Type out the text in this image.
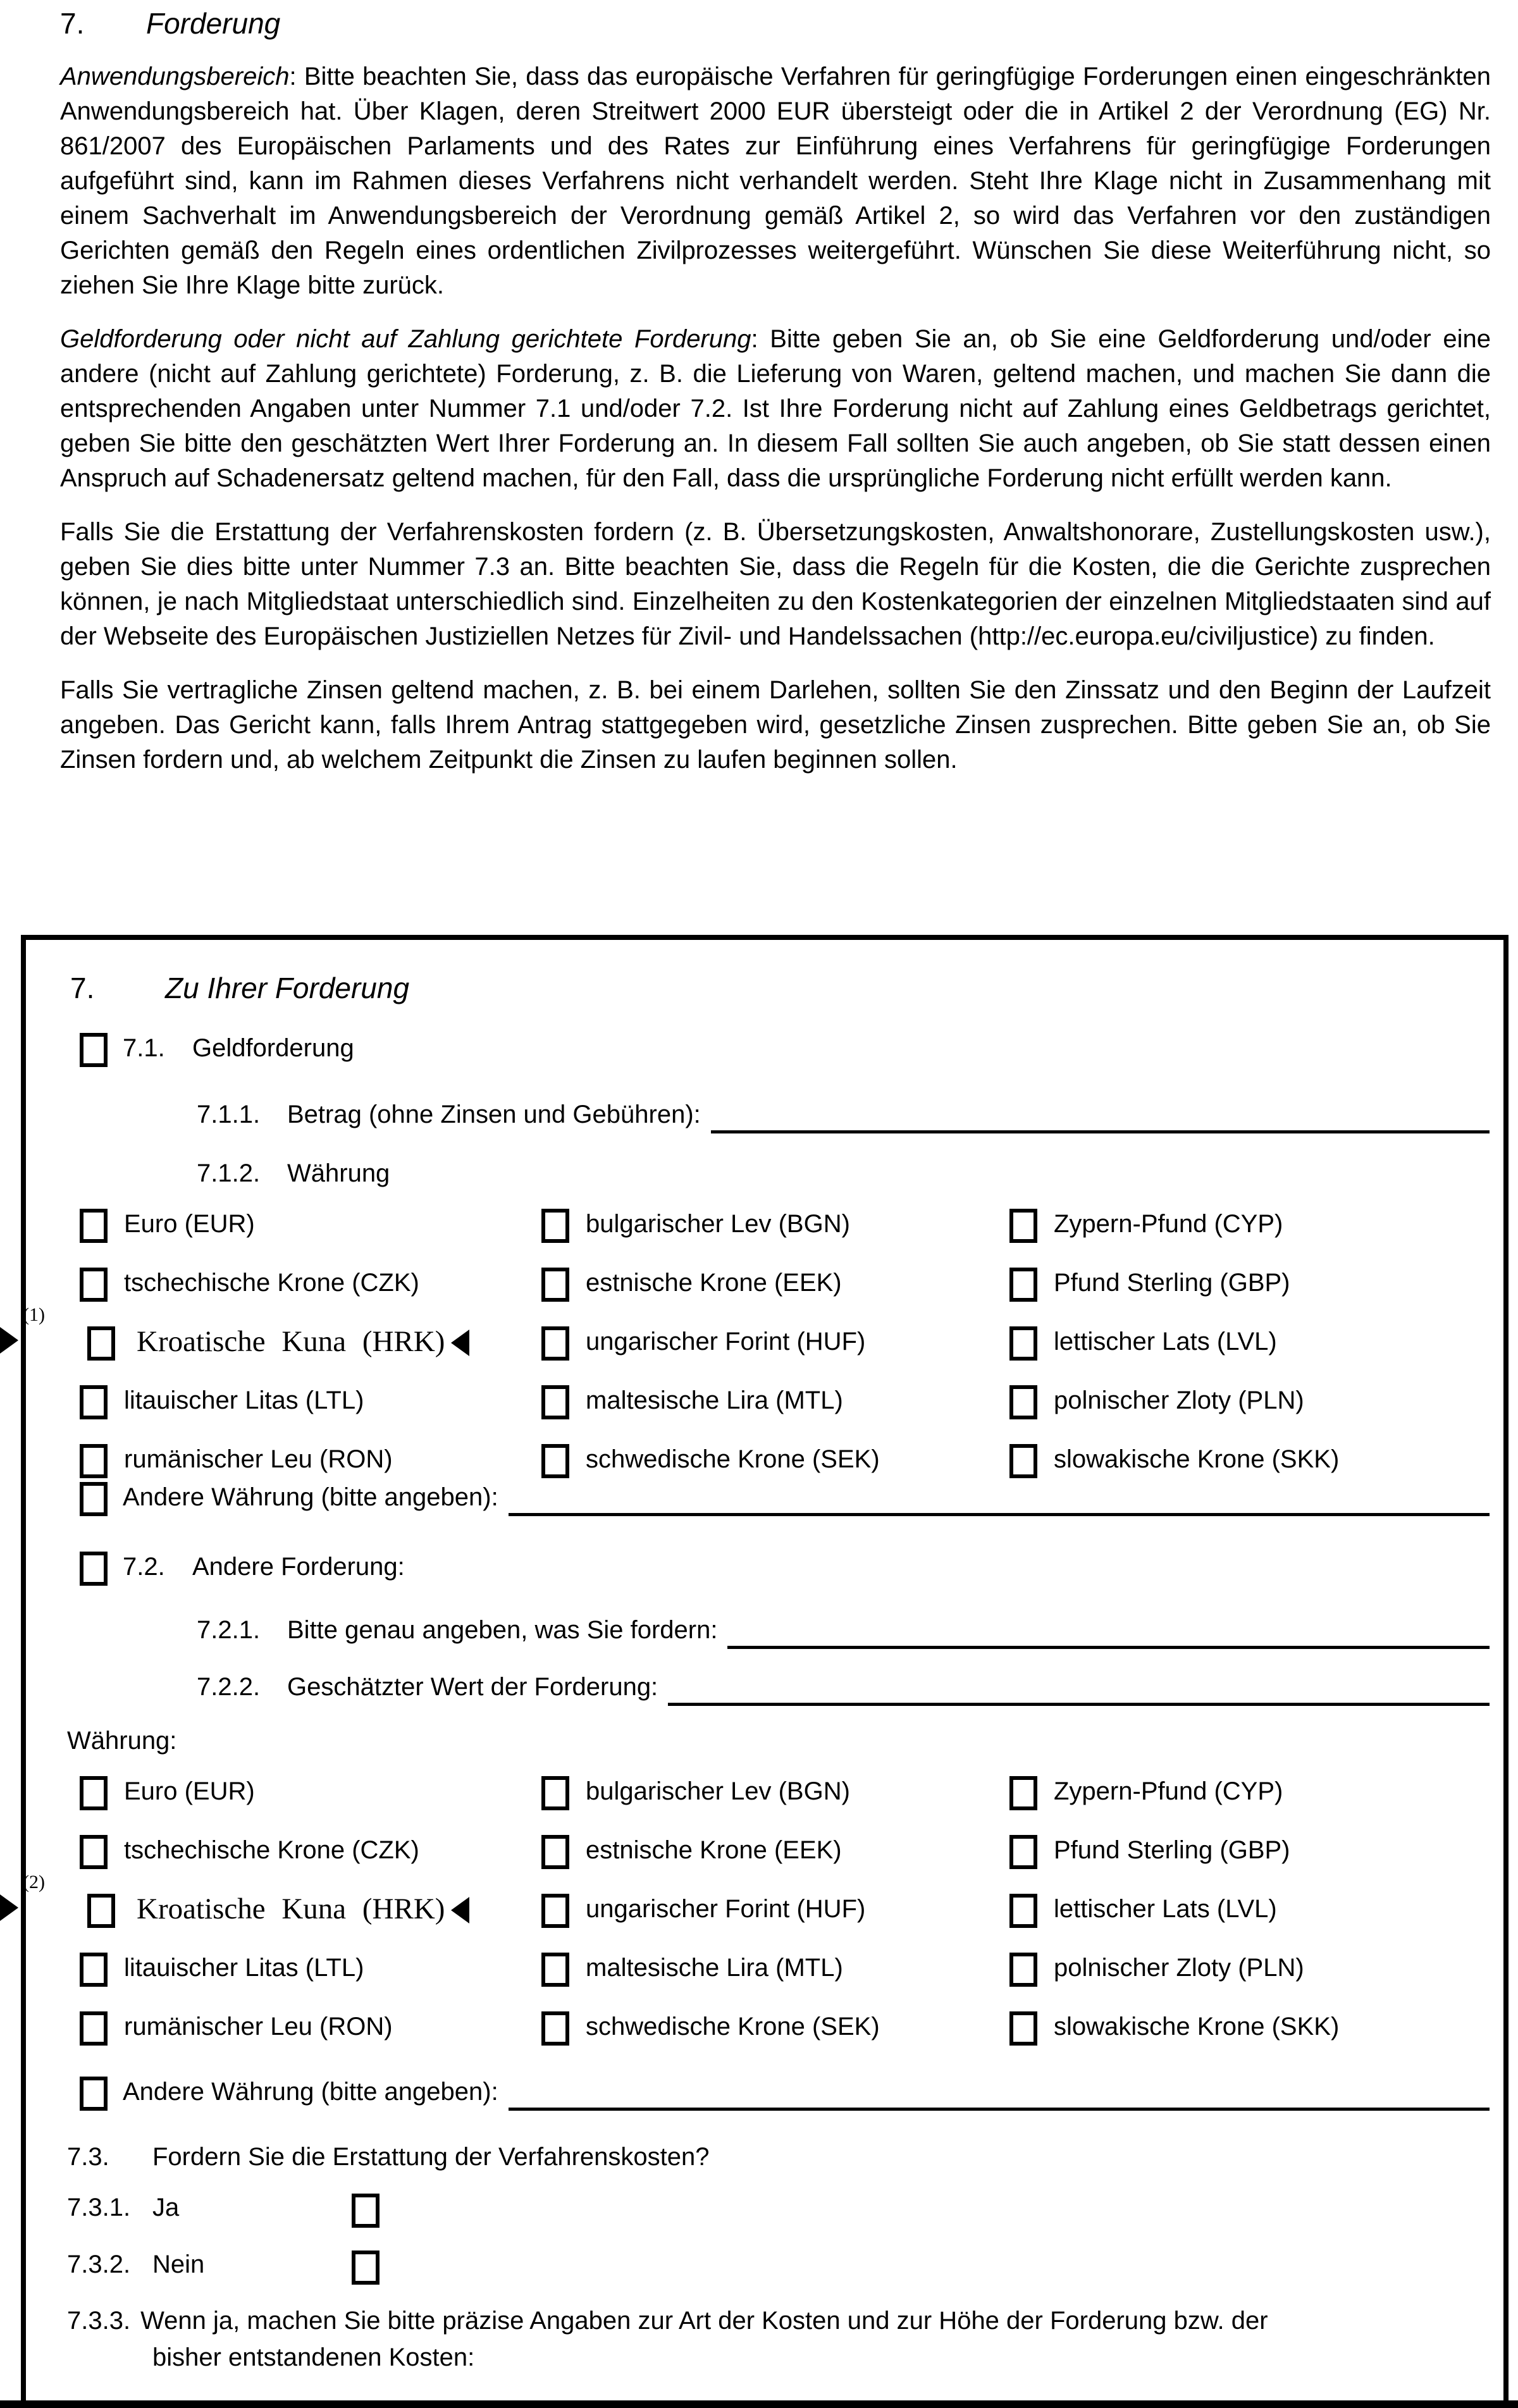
7.	Forderung

Anwendungsbereich: Bitte beachten Sie, dass das europäische Verfahren für geringfügige Forderungen einen eingeschränkten Anwendungsbereich hat. Über Klagen, deren Streitwert 2000 EUR übersteigt oder die in Artikel 2 der Verordnung (EG) Nr. 861/2007 des Europäischen Parlaments und des Rates zur Einführung eines Verfahrens für geringfügige Forderungen aufgeführt sind, kann im Rahmen dieses Verfahrens nicht verhandelt werden. Steht Ihre Klage nicht in Zusammenhang mit einem Sachverhalt im Anwendungsbereich der Verordnung gemäß Artikel 2, so wird das Verfahren vor den zuständigen Gerichten gemäß den Regeln eines ordentlichen Zivilprozesses weitergeführt. Wünschen Sie diese Weiterführung nicht, so ziehen Sie Ihre Klage bitte zurück.

Geldforderung oder nicht auf Zahlung gerichtete Forderung: Bitte geben Sie an, ob Sie eine Geldforderung und/oder eine andere (nicht auf Zahlung gerichtete) Forderung, z. B. die Lieferung von Waren, geltend machen, und machen Sie dann die entsprechenden Angaben unter Nummer 7.1 und/oder 7.2. Ist Ihre Forderung nicht auf Zahlung eines Geldbetrags gerichtet, geben Sie bitte den geschätzten Wert Ihrer Forderung an. In diesem Fall sollten Sie auch angeben, ob Sie statt dessen einen Anspruch auf Schadenersatz geltend machen, für den Fall, dass die ursprüngliche Forderung nicht erfüllt werden kann.

Falls Sie die Erstattung der Verfahrenskosten fordern (z. B. Übersetzungskosten, Anwaltshonorare, Zustellungskosten usw.), geben Sie dies bitte unter Nummer 7.3 an. Bitte beachten Sie, dass die Regeln für die Kosten, die die Gerichte zusprechen können, je nach Mitgliedstaat unterschiedlich sind. Einzelheiten zu den Kostenkategorien der einzelnen Mitgliedstaaten sind auf der Webseite des Europäischen Justiziellen Netzes für Zivil- und Handelssachen (http://ec.europa.eu/civiljustice) zu finden.

Falls Sie vertragliche Zinsen geltend machen, z. B. bei einem Darlehen, sollten Sie den Zinssatz und den Beginn der Laufzeit angeben. Das Gericht kann, falls Ihrem Antrag stattgegeben wird, gesetzliche Zinsen zusprechen. Bitte geben Sie an, ob Sie Zinsen fordern und, ab welchem Zeitpunkt die Zinsen zu laufen beginnen sollen.

7.	Zu Ihrer Forderung
7.1.	Geldforderung
7.1.1.	Betrag (ohne Zinsen und Gebühren):
7.1.2.	Währung
Euro (EUR)	bulgarischer Lev (BGN)	Zypern-Pfund (CYP)
tschechische Krone (CZK)	estnische Krone (EEK)	Pfund Sterling (GBP)
Kroatische Kuna (HRK)	ungarischer Forint (HUF)	lettischer Lats (LVL)
litauischer Litas (LTL)	maltesische Lira (MTL)	polnischer Zloty (PLN)
rumänischer Leu (RON)	schwedische Krone (SEK)	slowakische Krone (SKK)
Andere Währung (bitte angeben):
7.2.	Andere Forderung:
7.2.1.	Bitte genau angeben, was Sie fordern:
7.2.2.	Geschätzter Wert der Forderung:
Währung:
Euro (EUR)	bulgarischer Lev (BGN)	Zypern-Pfund (CYP)
tschechische Krone (CZK)	estnische Krone (EEK)	Pfund Sterling (GBP)
Kroatische Kuna (HRK)	ungarischer Forint (HUF)	lettischer Lats (LVL)
litauischer Litas (LTL)	maltesische Lira (MTL)	polnischer Zloty (PLN)
rumänischer Leu (RON)	schwedische Krone (SEK)	slowakische Krone (SKK)
Andere Währung (bitte angeben):
7.3.	Fordern Sie die Erstattung der Verfahrenskosten?
7.3.1. Ja
7.3.2. Nein

7.3.3. Wenn ja, machen Sie bitte präzise Angaben zur Art der Kosten und zur Höhe der Forderung bzw. der bisher entstandenen Kosten:

(1)
(2)
